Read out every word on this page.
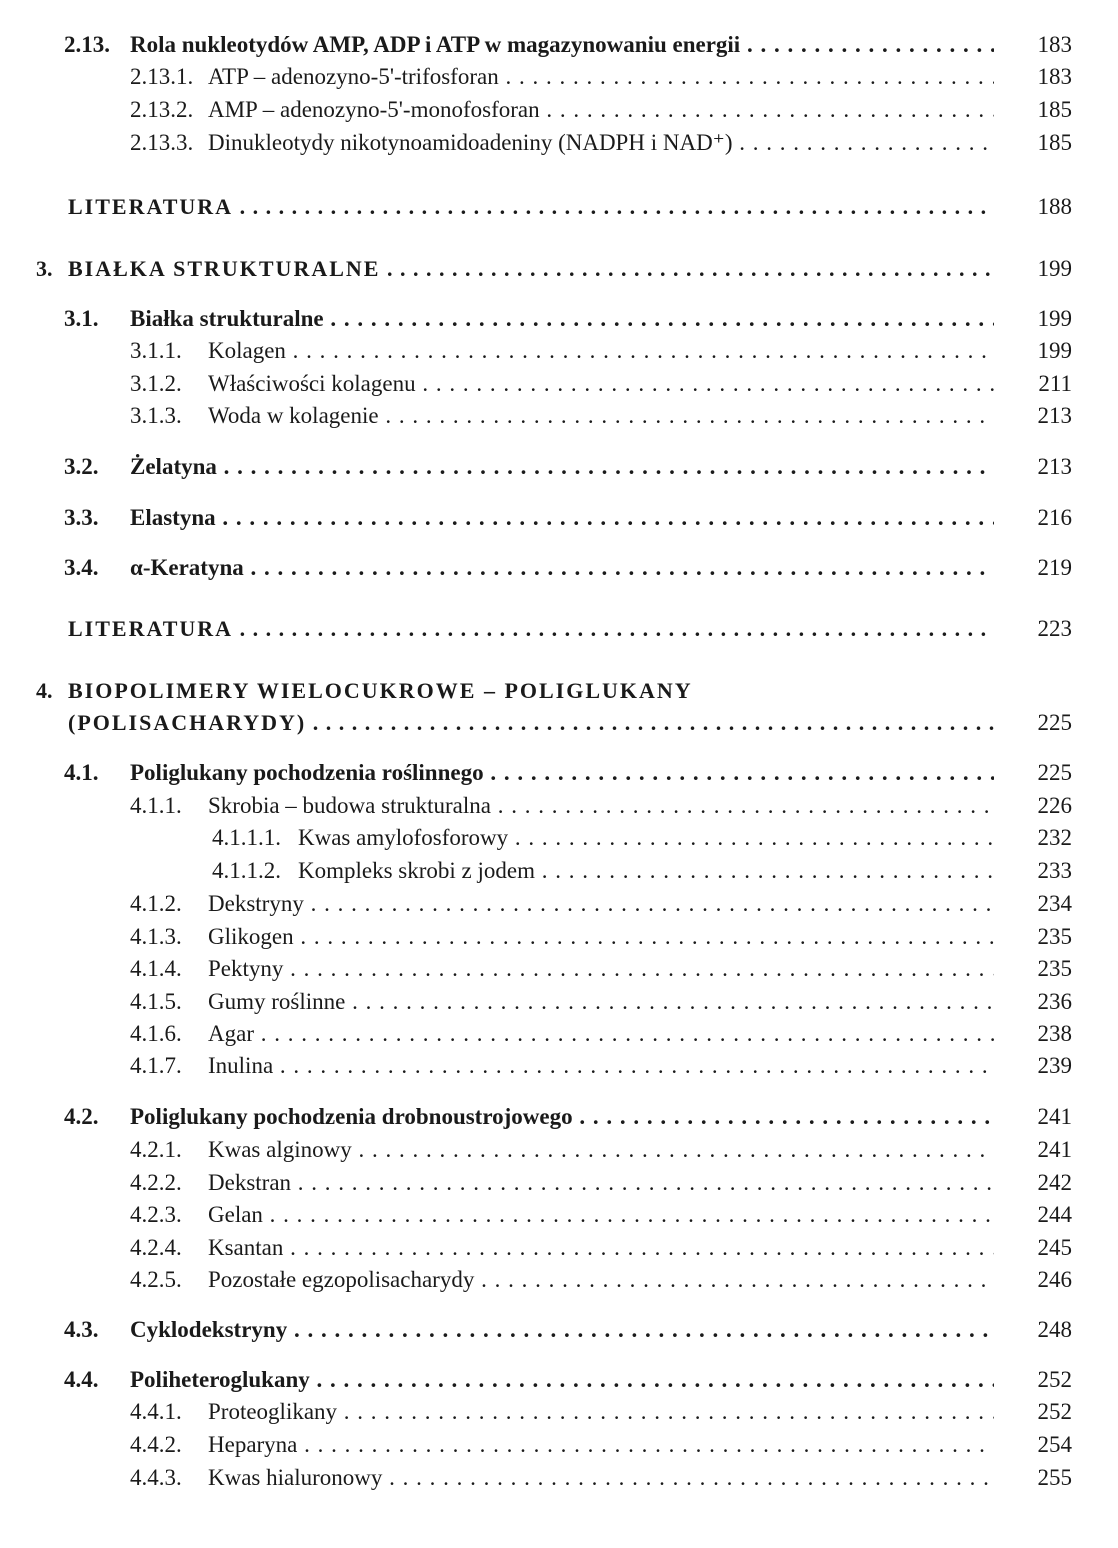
2.13. Rola nukleotydów AMP, ADP i ATP w magazynowaniu energii . . .	183
2.13.1. ATP – adenozyno-5'-trifosforan . . .	183
2.13.2. AMP – adenozyno-5'-monofosforan . . .	185
2.13.3. Dinukleotydy nikotynoamidoadeniny (NADPH i NAD⁺) . . .	185
LITERATURA . . .	188
3. BIAŁKA STRUKTURALNE . . .	199
3.1. Białka strukturalne . . .	199
3.1.1. Kolagen . . .	199
3.1.2. Właściwości kolagenu . . .	211
3.1.3. Woda w kolagenie . . .	213
3.2. Żelatyna . . .	213
3.3. Elastyna . . .	216
3.4. α-Keratyna . . .	219
LITERATURA . . .	223
4. BIOPOLIMERY WIELOCUKROWE – POLIGLUKANY
(POLISACHARYDY) . . .	225
4.1. Poliglukany pochodzenia roślinnego . . .	225
4.1.1. Skrobia – budowa strukturalna . . .	226
4.1.1.1. Kwas amylofosforowy . . .	232
4.1.1.2. Kompleks skrobi z jodem . . .	233
4.1.2. Dekstryny . . .	234
4.1.3. Glikogen . . .	235
4.1.4. Pektyny . . .	235
4.1.5. Gumy roślinne . . .	236
4.1.6. Agar . . .	238
4.1.7. Inulina . . .	239
4.2. Poliglukany pochodzenia drobnoustrojowego . . .	241
4.2.1. Kwas alginowy . . .	241
4.2.2. Dekstran . . .	242
4.2.3. Gelan . . .	244
4.2.4. Ksantan . . .	245
4.2.5. Pozostałe egzopolisacharydy . . .	246
4.3. Cyklodekstryny . . .	248
4.4. Poliheteroglukany . . .	252
4.4.1. Proteoglikany . . .	252
4.4.2. Heparyna . . .	254
4.4.3. Kwas hialuronowy . . .	255
